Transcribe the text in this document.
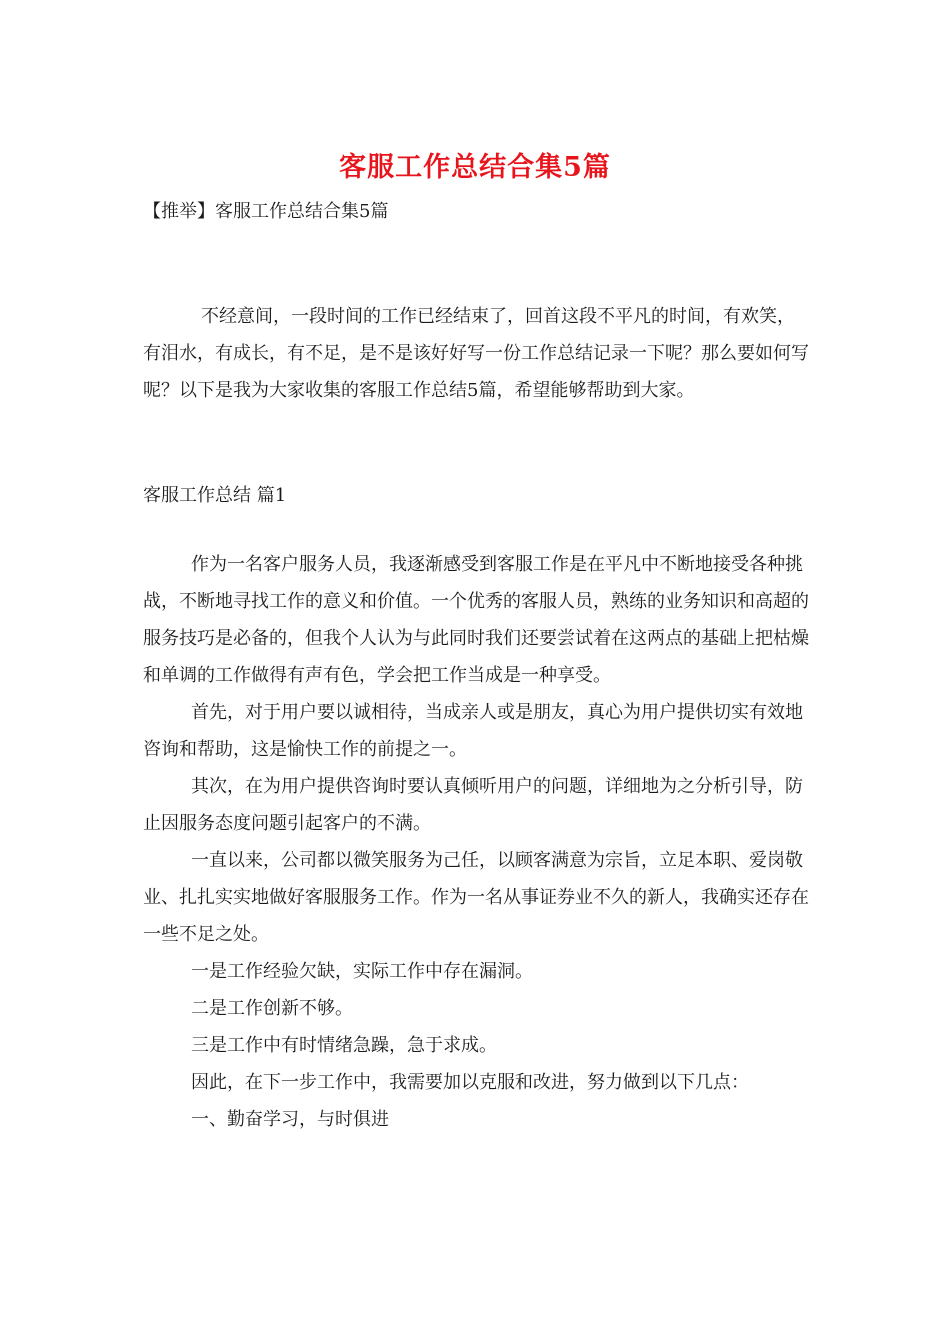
客服工作总结合集5篇
【推举】客服工作总结合集5篇

不经意间，一段时间的工作已经结束了，回首这段不平凡的时间，有欢笑，有泪水，有成长，有不足，是不是该好好写一份工作总结记录一下呢？那么要如何写呢？以下是我为大家收集的客服工作总结5篇，希望能够帮助到大家。

客服工作总结 篇1

作为一名客户服务人员，我逐渐感受到客服工作是在平凡中不断地接受各种挑战，不断地寻找工作的意义和价值。一个优秀的客服人员，熟练的业务知识和高超的服务技巧是必备的，但我个人认为与此同时我们还要尝试着在这两点的基础上把枯燥和单调的工作做得有声有色，学会把工作当成是一种享受。

首先，对于用户要以诚相待，当成亲人或是朋友，真心为用户提供切实有效地咨询和帮助，这是愉快工作的前提之一。

其次，在为用户提供咨询时要认真倾听用户的问题，详细地为之分析引导，防止因服务态度问题引起客户的不满。

一直以来，公司都以微笑服务为己任，以顾客满意为宗旨，立足本职、爱岗敬业、扎扎实实地做好客服服务工作。作为一名从事证券业不久的新人，我确实还存在一些不足之处。

一是工作经验欠缺，实际工作中存在漏洞。

二是工作创新不够。

三是工作中有时情绪急躁，急于求成。

因此，在下一步工作中，我需要加以克服和改进，努力做到以下几点：

一、勤奋学习，与时俱进
